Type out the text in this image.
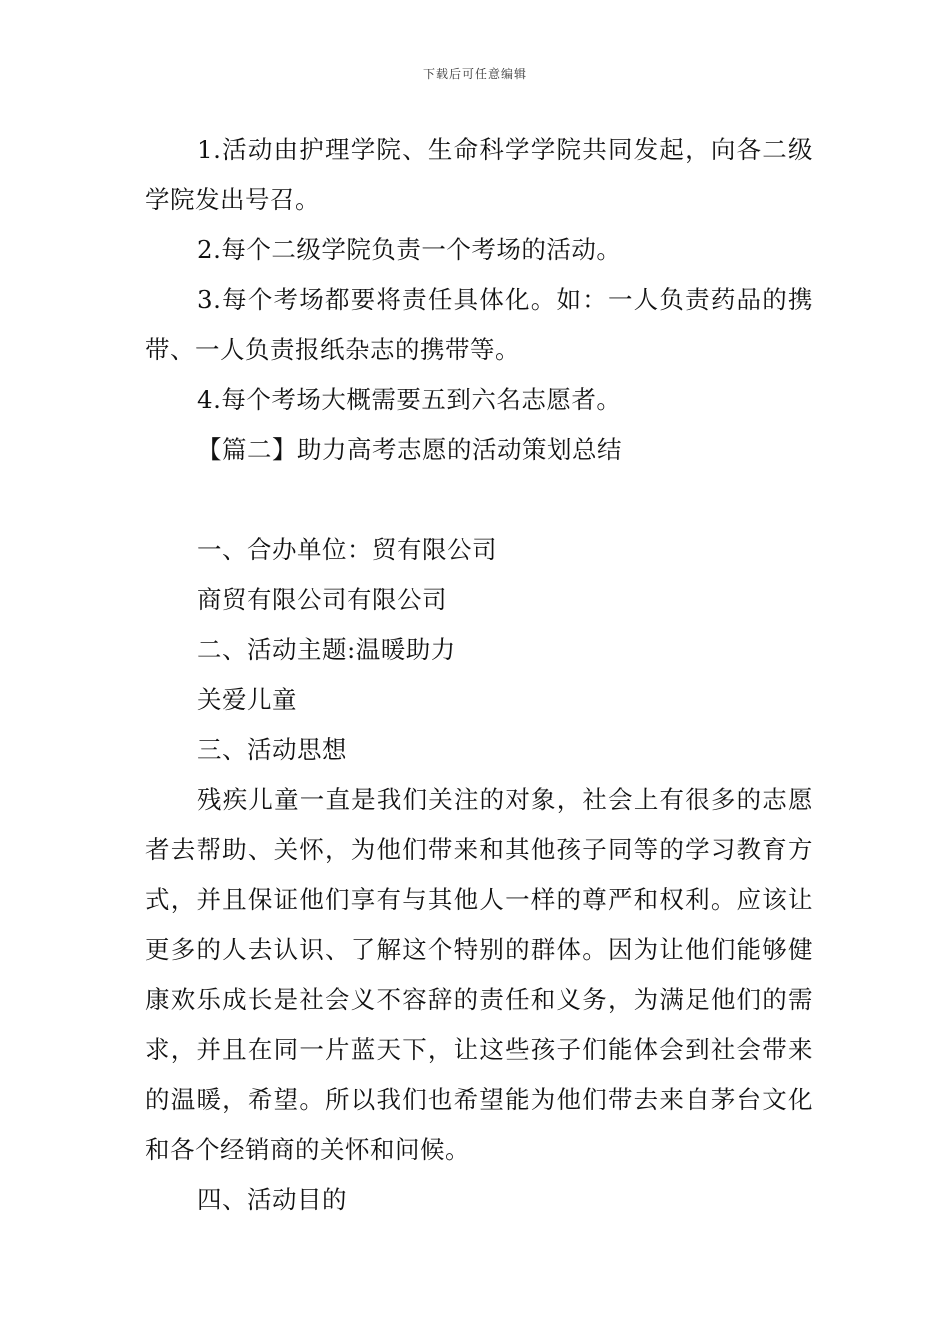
下载后可任意编辑

1.活动由护理学院、生命科学学院共同发起，向各二级学院发出号召。

2.每个二级学院负责一个考场的活动。

3.每个考场都要将责任具体化。如：一人负责药品的携带、一人负责报纸杂志的携带等。

4.每个考场大概需要五到六名志愿者。

【篇二】助力高考志愿的活动策划总结

一、合办单位：贸有限公司

商贸有限公司有限公司

二、活动主题:温暖助力

关爱儿童

三、活动思想

残疾儿童一直是我们关注的对象，社会上有很多的志愿者去帮助、关怀，为他们带来和其他孩子同等的学习教育方式，并且保证他们享有与其他人一样的尊严和权利。应该让更多的人去认识、了解这个特别的群体。因为让他们能够健康欢乐成长是社会义不容辞的责任和义务，为满足他们的需求，并且在同一片蓝天下，让这些孩子们能体会到社会带来的温暖，希望。所以我们也希望能为他们带去来自茅台文化和各个经销商的关怀和问候。

四、活动目的
